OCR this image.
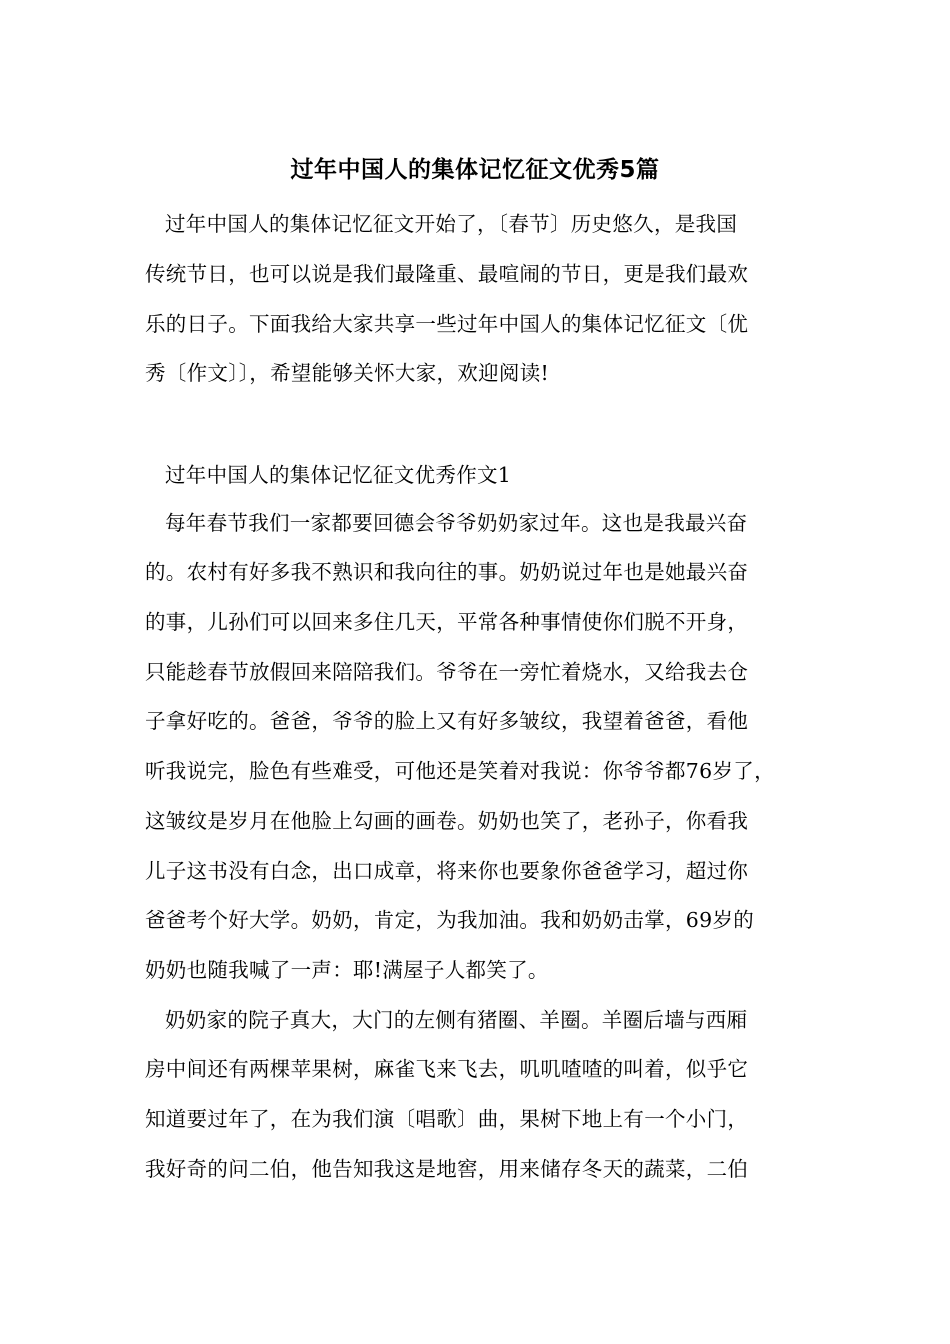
过年中国人的集体记忆征文优秀5篇
过年中国人的集体记忆征文开始了，〔春节〕历史悠久，是我国
传统节日，也可以说是我们最隆重、最喧闹的节日，更是我们最欢
乐的日子。下面我给大家共享一些过年中国人的集体记忆征文〔优
秀〔作文〕〕，希望能够关怀大家，欢迎阅读!
过年中国人的集体记忆征文优秀作文1
每年春节我们一家都要回德会爷爷奶奶家过年。这也是我最兴奋
的。农村有好多我不熟识和我向往的事。奶奶说过年也是她最兴奋
的事，儿孙们可以回来多住几天，平常各种事情使你们脱不开身，
只能趁春节放假回来陪陪我们。爷爷在一旁忙着烧水，又给我去仓
子拿好吃的。爸爸，爷爷的脸上又有好多皱纹，我望着爸爸，看他
听我说完，脸色有些难受，可他还是笑着对我说：你爷爷都76岁了，
这皱纹是岁月在他脸上勾画的画卷。奶奶也笑了，老孙子，你看我
儿子这书没有白念，出口成章，将来你也要象你爸爸学习，超过你
爸爸考个好大学。奶奶，肯定，为我加油。我和奶奶击掌，69岁的
奶奶也随我喊了一声：耶!满屋子人都笑了。
奶奶家的院子真大，大门的左侧有猪圈、羊圈。羊圈后墙与西厢
房中间还有两棵苹果树，麻雀飞来飞去，叽叽喳喳的叫着，似乎它
知道要过年了，在为我们演〔唱歌〕曲，果树下地上有一个小门，
我好奇的问二伯，他告知我这是地窖，用来储存冬天的蔬菜，二伯
